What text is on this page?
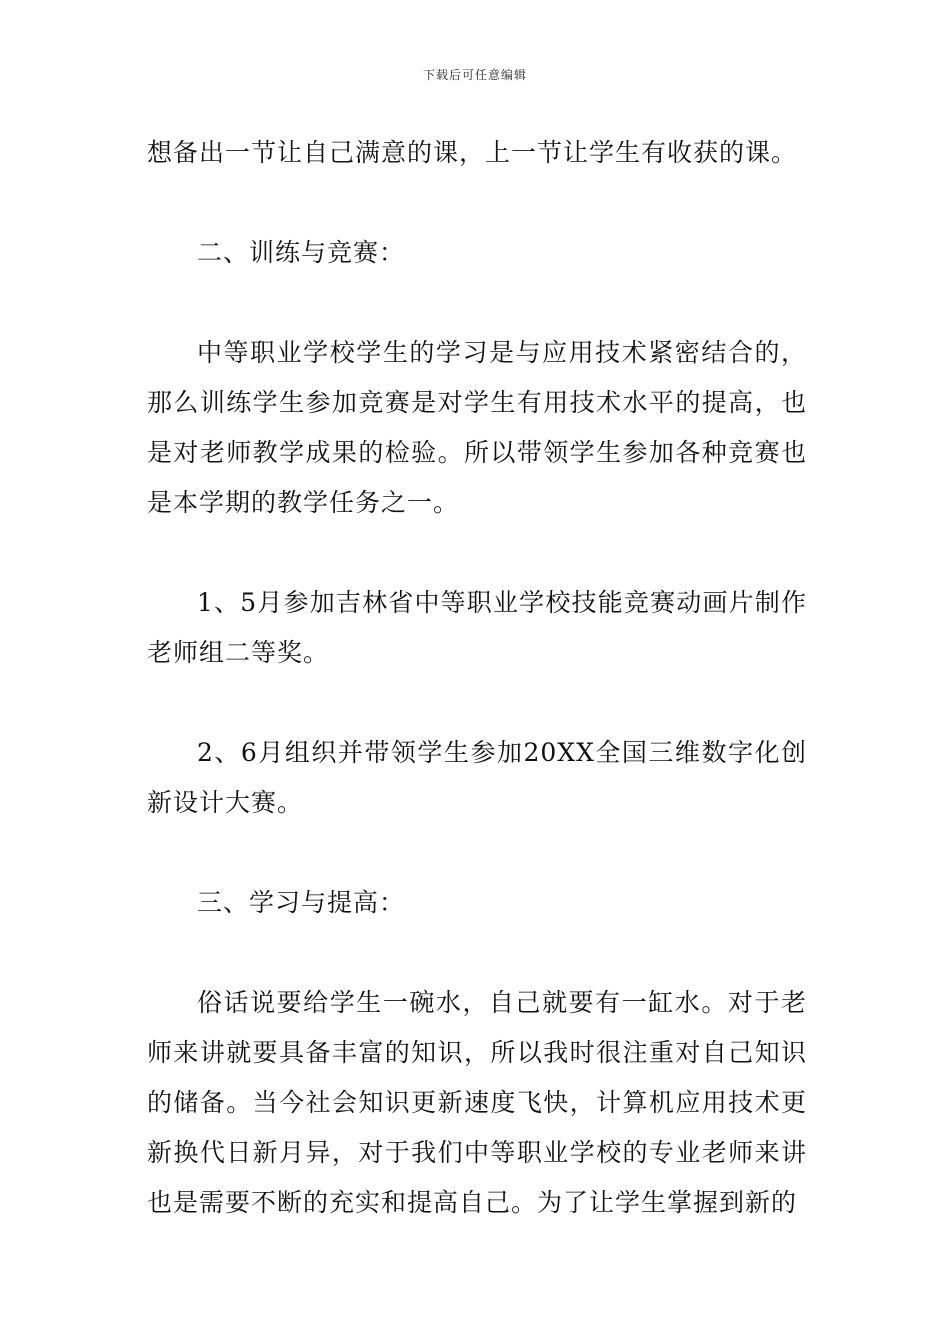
下载后可任意编辑

想备出一节让自己满意的课，上一节让学生有收获的课。

二、训练与竞赛：

中等职业学校学生的学习是与应用技术紧密结合的，那么训练学生参加竞赛是对学生有用技术水平的提高，也是对老师教学成果的检验。所以带领学生参加各种竞赛也是本学期的教学任务之一。

1、5月参加吉林省中等职业学校技能竞赛动画片制作老师组二等奖。

2、6月组织并带领学生参加20XX全国三维数字化创新设计大赛。

三、学习与提高：

俗话说要给学生一碗水，自己就要有一缸水。对于老师来讲就要具备丰富的知识，所以我时很注重对自己知识的储备。当今社会知识更新速度飞快，计算机应用技术更新换代日新月异，对于我们中等职业学校的专业老师来讲也是需要不断的充实和提高自己。为了让学生掌握到新的
